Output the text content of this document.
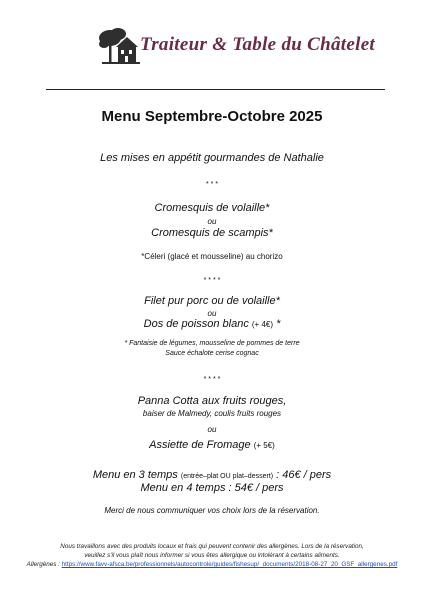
Traiteur & Table du Châtelet
Menu Septembre-Octobre 2025
Les mises en appétit gourmandes de Nathalie
* * *
Cromesquis de volaille*
ou
Cromesquis de scampis*
*Céleri (glacé et mousseline) au chorizo
* * * *
Filet pur porc ou de volaille*
ou
Dos de poisson blanc (+ 4€) *
* Fantaisie de légumes, mousseline de pommes de terre
Sauce échalote cerise cognac
* * * *
Panna Cotta aux fruits rouges,
baiser de Malmedy, coulis fruits rouges
ou
Assiette de Fromage (+ 5€)
Menu en 3 temps (entrée–plat OU plat–dessert) : 46€ / pers
Menu en 4 temps : 54€ / pers
Merci de nous communiquer vos choix lors de la réservation.
Nous travaillons avec des produits locaux et frais qui peuvent contenir des allergènes. Lors de la réservation,
veuillez s'il vous plaît nous informer si vous êtes allergique ou intolérant à certains aliments.
Allergènes : https://www.favv-afsca.be/professionnels/autocontrole/guides/fishesup/_documents/2018-08-27_20_GSF_allergenes.pdf
